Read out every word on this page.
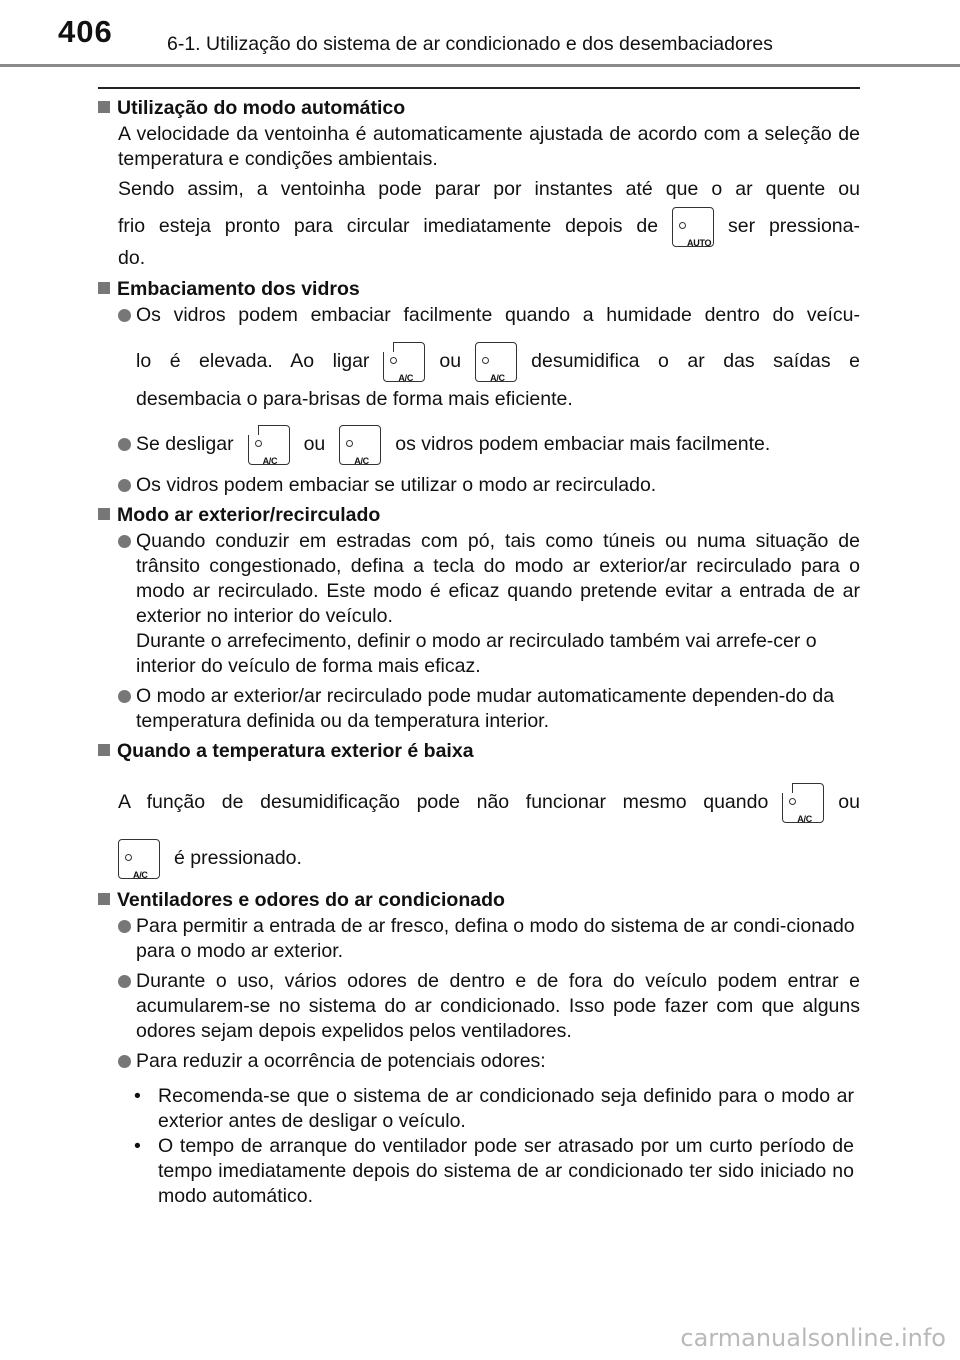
406	6-1. Utilização do sistema de ar condicionado e dos desembaciadores
Utilização do modo automático
A velocidade da ventoinha é automaticamente ajustada de acordo com a seleção de temperatura e condições ambientais.
Sendo assim, a ventoinha pode parar por instantes até que o ar quente ou
frio esteja pronto para circular imediatamente depois de
AUTO
ser pressiona-
do.
Embaciamento dos vidros
Os vidros podem embaciar facilmente quando a humidade dentro do veícu-
lo é elevada. Ao ligar
A/C
ou
A/C
desumidifica o ar das saídas e
desembacia o para-brisas de forma mais eficiente.
Se desligar
A/C
ou
A/C
os vidros podem embaciar mais facilmente.
Os vidros podem embaciar se utilizar o modo ar recirculado.
Modo ar exterior/recirculado
Quando conduzir em estradas com pó, tais como túneis ou numa situação de trânsito congestionado, defina a tecla do modo ar exterior/ar recirculado para o modo ar recirculado. Este modo é eficaz quando pretende evitar a entrada de ar exterior no interior do veículo.
Durante o arrefecimento, definir o modo ar recirculado também vai arrefe-cer o interior do veículo de forma mais eficaz.
O modo ar exterior/ar recirculado pode mudar automaticamente dependen-do da temperatura definida ou da temperatura interior.
Quando a temperatura exterior é baixa
A função de desumidificação pode não funcionar mesmo quando
A/C
ou
A/C
é pressionado.
Ventiladores e odores do ar condicionado
Para permitir a entrada de ar fresco, defina o modo do sistema de ar condi-cionado para o modo ar exterior.
Durante o uso, vários odores de dentro e de fora do veículo podem entrar e acumularem-se no sistema do ar condicionado. Isso pode fazer com que alguns odores sejam depois expelidos pelos ventiladores.
Para reduzir a ocorrência de potenciais odores:
• Recomenda-se que o sistema de ar condicionado seja definido para o modo ar exterior antes de desligar o veículo.
• O tempo de arranque do ventilador pode ser atrasado por um curto período de tempo imediatamente depois do sistema de ar condicionado ter sido iniciado no modo automático.
carmanualsonline.info
